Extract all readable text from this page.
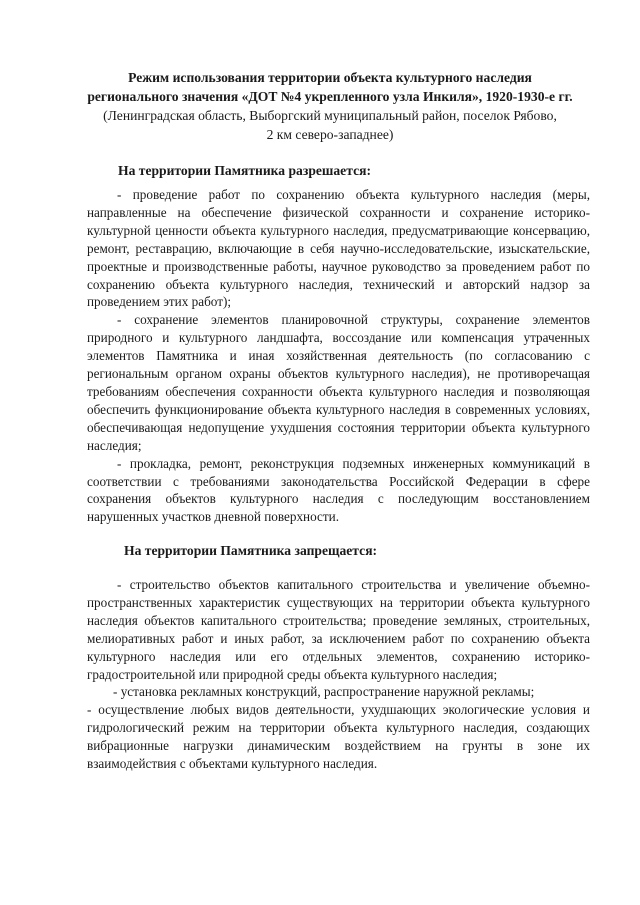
Режим использования территории объекта культурного наследия
регионального значения «ДОТ №4 укрепленного узла Инкиля», 1920-1930-е гг.
(Ленинградская область, Выборгский муниципальный район, поселок Рябово,
2 км северо-западнее)
На территории Памятника разрешается:

- проведение работ по сохранению объекта культурного наследия (меры, направленные на обеспечение физической сохранности и сохранение историко-культурной ценности объекта культурного наследия, предусматривающие консервацию, ремонт, реставрацию, включающие в себя научно-исследовательские, изыскательские, проектные и производственные работы, научное руководство за проведением работ по сохранению объекта культурного наследия, технический и авторский надзор за проведением этих работ);

- сохранение элементов планировочной структуры, сохранение элементов природного и культурного ландшафта, воссоздание или компенсация утраченных элементов Памятника и иная хозяйственная деятельность (по согласованию с региональным органом охраны объектов культурного наследия), не противоречащая требованиям обеспечения сохранности объекта культурного наследия и позволяющая обеспечить функционирование объекта культурного наследия в современных условиях, обеспечивающая недопущение ухудшения состояния территории объекта культурного наследия;

- прокладка, ремонт, реконструкция подземных инженерных коммуникаций в соответствии с требованиями законодательства Российской Федерации в сфере сохранения объектов культурного наследия с последующим восстановлением нарушенных участков дневной поверхности.

На территории Памятника запрещается:

- строительство объектов капитального строительства и увеличение объемно-пространственных характеристик существующих на территории объекта культурного наследия объектов капитального строительства; проведение земляных, строительных, мелиоративных работ и иных работ, за исключением работ по сохранению объекта культурного наследия или его отдельных элементов, сохранению историко-градостроительной или природной среды объекта культурного наследия;

- установка рекламных конструкций, распространение наружной рекламы;

- осуществление любых видов деятельности, ухудшающих экологические условия и гидрологический режим на территории объекта культурного наследия, создающих вибрационные нагрузки динамическим воздействием на грунты в зоне их взаимодействия с объектами культурного наследия.
